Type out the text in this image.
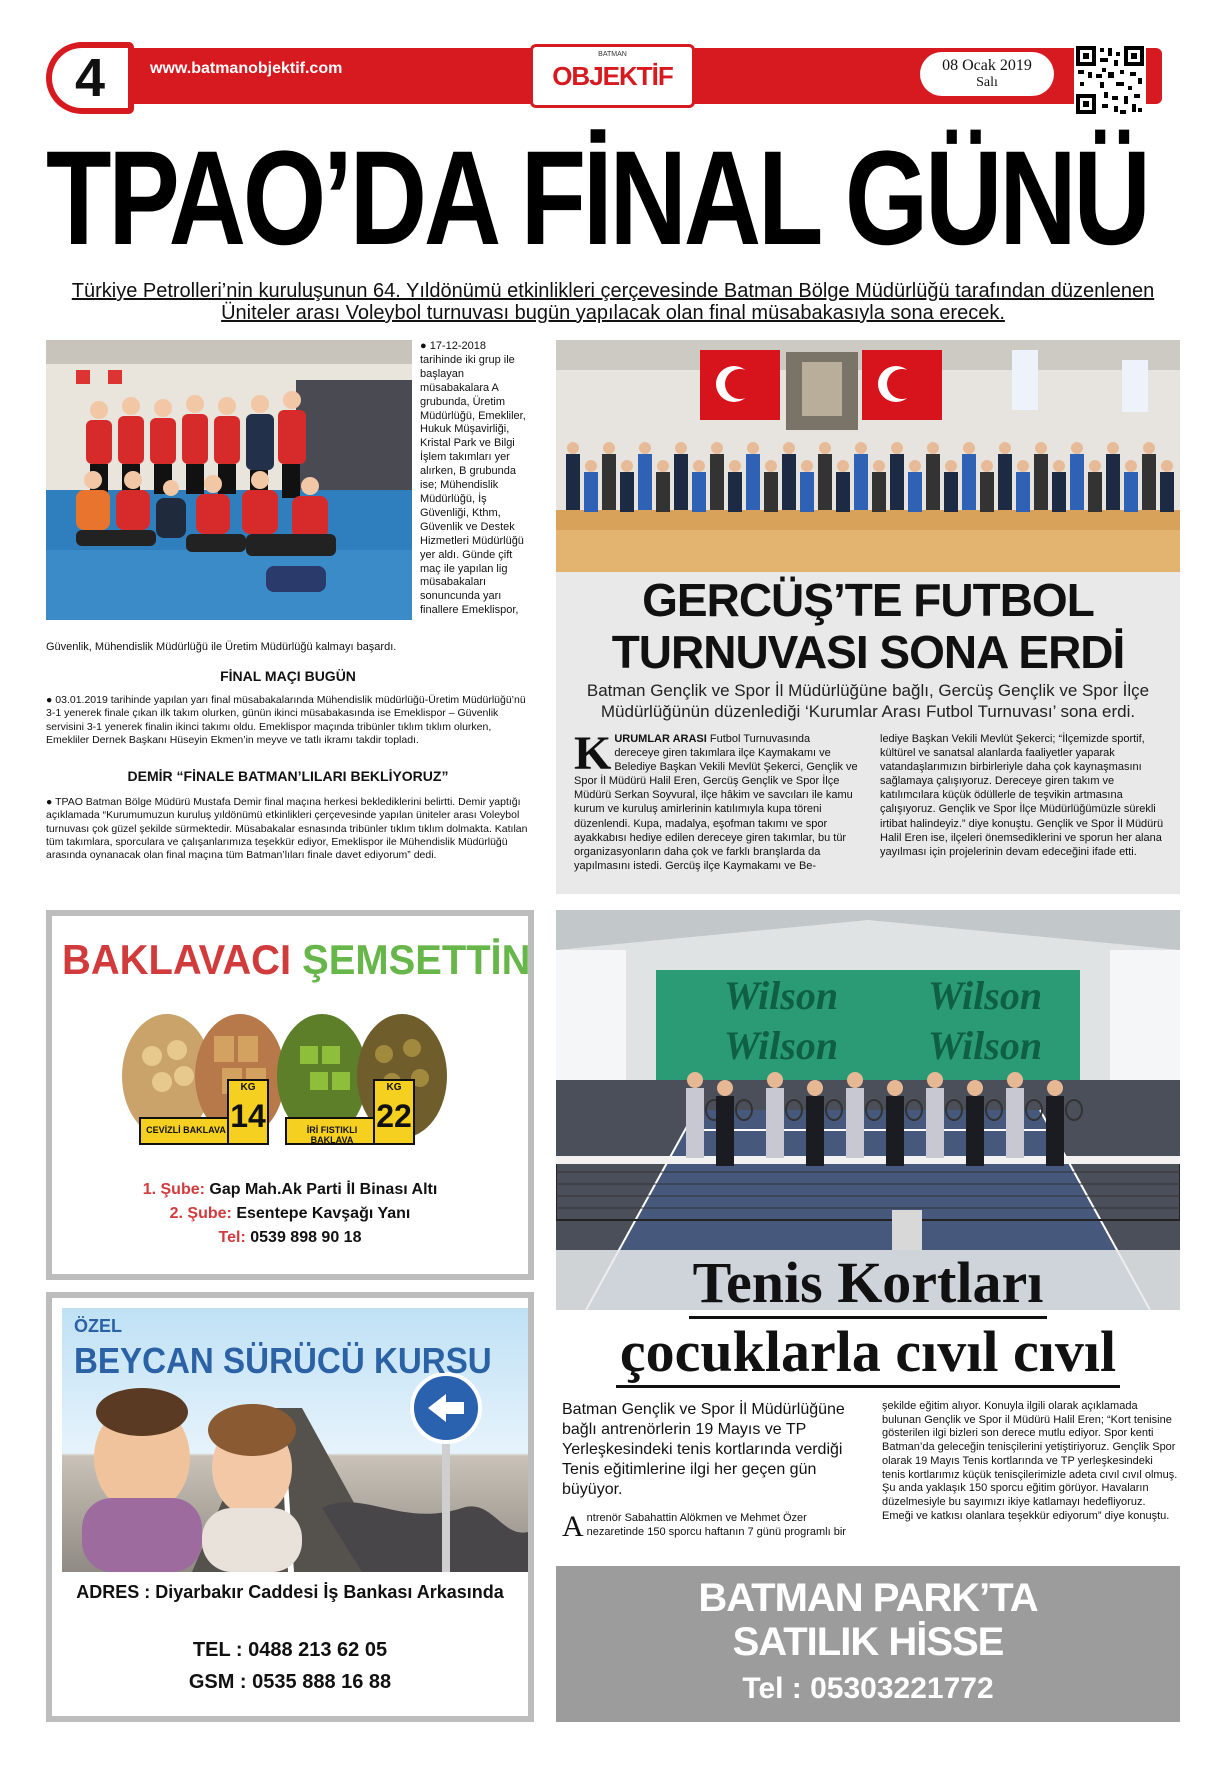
4	www.batmanobjektif.com
BATMAN
OBJEKTİF	08 Ocak 2019
Salı
TPAO’DA FİNAL GÜNÜ
Türkiye Petrolleri’nin kuruluşunun 64. Yıldönümü etkinlikleri çerçevesinde Batman Bölge Müdürlüğü tarafından düzenlenen Üniteler arası Voleybol turnuvası bugün yapılacak olan final müsabakasıyla sona erecek.
● 17-12-2018 tarihinde iki grup ile başlayan müsabakalara A grubunda, Üretim Müdürlüğü, Emekliler, Hukuk Müşavirliği, Kristal Park ve Bilgi İşlem takımları yer alırken, B grubunda ise; Mühendislik Müdürlüğü, İş Güvenliği, Kthm, Güvenlik ve Destek Hizmetleri Müdürlüğü yer aldı. Günde çift maç ile yapılan lig müsabakaları sonuncunda yarı finallere Emeklispor,
Güvenlik, Mühendislik Müdürlüğü ile Üretim Müdürlüğü kalmayı başardı.
FİNAL MAÇI BUGÜN
● 03.01.2019 tarihinde yapılan yarı final müsabakalarında Mühendislik müdürlüğü-Üretim Müdürlüğü’nü 3-1 yenerek finale çıkan ilk takım olurken, günün ikinci müsabakasında ise Emeklispor – Güvenlik servisini 3-1 yenerek finalin ikinci takımı oldu. Emeklispor maçında tribünler tıklım tıklım olurken, Emekliler Dernek Başkanı Hüseyin Ekmen’in meyve ve tatlı ikramı takdir topladı.
DEMİR “FİNALE BATMAN’LILARI BEKLİYORUZ”
● TPAO Batman Bölge Müdürü Mustafa Demir final maçına herkesi beklediklerini belirtti. Demir yaptığı açıklamada “Kurumumuzun kuruluş yıldönümü etkinlikleri çerçevesinde yapılan üniteler arası Voleybol turnuvası çok güzel şekilde sürmektedir. Müsabakalar esnasında tribünler tıklım tıklım dolmakta. Katılan tüm takımlara, sporculara ve çalışanlarımıza teşekkür ediyor, Emeklispor ile Mühendislik Müdürlüğü arasında oynanacak olan final maçına tüm Batman’lıları finale davet ediyorum” dedi.
GERCÜŞ’TE FUTBOL
TURNUVASI SONA ERDİ
Batman Gençlik ve Spor İl Müdürlüğüne bağlı, Gercüş Gençlik ve Spor İlçe Müdürlüğünün düzenlediği ‘Kurumlar Arası Futbol Turnuvası’ sona erdi.
KURUMLAR ARASI Futbol Turnuvasında dereceye giren takımlara ilçe Kaymakamı ve Belediye Başkan Vekili Mevlüt Şekerci, Gençlik ve Spor İl Müdürü Halil Eren, Gercüş Gençlik ve Spor İlçe Müdürü Serkan Soyvural, ilçe hâkim ve savcıları ile kamu kurum ve kuruluş amirlerinin katılımıyla kupa töreni düzenlendi. Kupa, madalya, eşofman takımı ve spor ayakkabısı hediye edilen dereceye giren takımlar, bu tür organizasyonların daha çok ve farklı branşlarda da yapılmasını istedi. Gercüş ilçe Kaymakamı ve Be-
lediye Başkan Vekili Mevlüt Şekerci; “İlçemizde sportif, kültürel ve sanatsal alanlarda faaliyetler yaparak vatandaşlarımızın birbirleriyle daha çok kaynaşmasını sağlamaya çalışıyoruz. Dereceye giren takım ve katılımcılara küçük ödüllerle de teşvikin artmasına çalışıyoruz. Gençlik ve Spor İlçe Müdürlüğümüzle sürekli irtibat halindeyiz.” diye konuştu. Gençlik ve Spor İl Müdürü Halil Eren ise, ilçeleri önemsediklerini ve sporun her alana yayılması için projelerinin devam edeceğini ifade etti.
BAKLAVACI ŞEMSETTİN
CEVİZLİ BAKLAVA	İRİ FISTIKLI BAKLAVA
KG
14
KG
22
1. Şube: Gap Mah.Ak Parti İl Binası Altı
2. Şube: Esentepe Kavşağı Yanı
Tel: 0539 898 90 18
ÖZEL
BEYCAN SÜRÜCÜ KURSU
ADRES : Diyarbakır Caddesi İş Bankası Arkasında
TEL : 0488 213 62 05
GSM : 0535 888 16 88
Wilson	Wilson
Wilson	Wilson
Tenis Kortları
çocuklarla cıvıl cıvıl
Batman Gençlik ve Spor İl Müdürlüğüne bağlı antrenörlerin 19 Mayıs ve TP Yerleşkesindeki tenis kortlarında verdiği Tenis eğitimlerine ilgi her geçen gün büyüyor.
Antrenör Sabahattin Alökmen ve Mehmet Özer nezaretinde 150 sporcu haftanın 7 günü programlı bir
şekilde eğitim alıyor. Konuyla ilgili olarak açıklamada bulunan Gençlik ve Spor il Müdürü Halil Eren; “Kort tenisine gösterilen ilgi bizleri son derece mutlu ediyor. Spor kenti Batman’da geleceğin tenisçilerini yetiştiriyoruz. Gençlik Spor olarak 19 Mayıs Tenis kortlarında ve TP yerleşkesindeki tenis kortlarımız küçük tenisçilerimizle adeta cıvıl cıvıl olmuş. Şu anda yaklaşık 150 sporcu eğitim görüyor. Havaların düzelmesiyle bu sayımızı ikiye katlamayı hedefliyoruz. Emeği ve katkısı olanlara teşekkür ediyorum” diye konuştu.
BATMAN PARK’TA
SATILIK HİSSE
Tel : 05303221772
